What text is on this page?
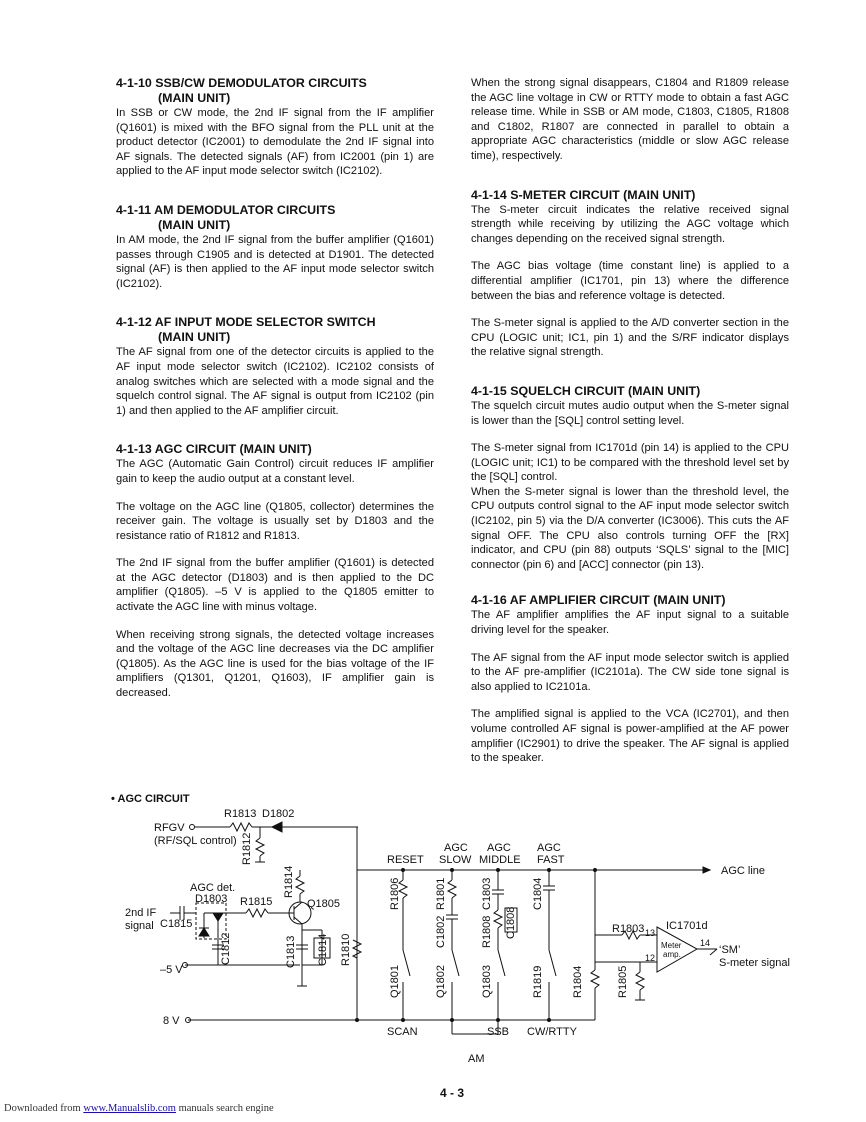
4-1-10 SSB/CW DEMODULATOR CIRCUITS
(MAIN UNIT)

In SSB or CW mode, the 2nd IF signal from the IF amplifier (Q1601) is mixed with the BFO signal from the PLL unit at the product detector (IC2001) to demodulate the 2nd IF signal into AF signals. The detected signals (AF) from IC2001 (pin 1) are applied to the AF input mode selector switch (IC2102).

4-1-11 AM DEMODULATOR CIRCUITS
(MAIN UNIT)

In AM mode, the 2nd IF signal from the buffer amplifier (Q1601) passes through C1905 and is detected at D1901. The detected signal (AF) is then applied to the AF input mode selector switch (IC2102).

4-1-12 AF INPUT MODE SELECTOR SWITCH
(MAIN UNIT)

The AF signal from one of the detector circuits is applied to the AF input mode selector switch (IC2102). IC2102 consists of analog switches which are selected with a mode signal and the squelch control signal. The AF signal is output from IC2102 (pin 1) and then applied to the AF amplifier circuit.

4-1-13 AGC CIRCUIT (MAIN UNIT)

The AGC (Automatic Gain Control) circuit reduces IF amplifier gain to keep the audio output at a constant level.

The voltage on the AGC line (Q1805, collector) determines the receiver gain. The voltage is usually set by D1803 and the resistance ratio of R1812 and R1813.

The 2nd IF signal from the buffer amplifier (Q1601) is detected at the AGC detector (D1803) and is then applied to the DC amplifier (Q1805). –5 V is applied to the Q1805 emitter to activate the AGC line with minus voltage.

When receiving strong signals, the detected voltage increases and the voltage of the AGC line decreases via the DC amplifier (Q1805). As the AGC line is used for the bias voltage of the IF amplifiers (Q1301, Q1201, Q1603), IF amplifier gain is decreased.

When the strong signal disappears, C1804 and R1809 release the AGC line voltage in CW or RTTY mode to obtain a fast AGC release time. While in SSB or AM mode, C1803, C1805, R1808 and C1802, R1807 are connected in parallel to obtain a appropriate AGC characteristics (middle or slow AGC release time), respectively.

4-1-14 S-METER CIRCUIT (MAIN UNIT)

The S-meter circuit indicates the relative received signal strength while receiving by utilizing the AGC voltage which changes depending on the received signal strength.

The AGC bias voltage (time constant line) is applied to a differential amplifier (IC1701, pin 13) where the difference between the bias and reference voltage is detected.

The S-meter signal is applied to the A/D converter section in the CPU (LOGIC unit; IC1, pin 1) and the S/RF indicator displays the relative signal strength.

4-1-15 SQUELCH CIRCUIT (MAIN UNIT)

The squelch circuit mutes audio output when the S-meter signal is lower than the [SQL] control setting level.

The S-meter signal from IC1701d (pin 14) is applied to the CPU (LOGIC unit; IC1) to be compared with the threshold level set by the [SQL] control.
When the S-meter signal is lower than the threshold level, the CPU outputs control signal to the AF input mode selector switch (IC2102, pin 5) via the D/A converter (IC3006). This cuts the AF signal OFF. The CPU also controls turning OFF the [RX] indicator, and CPU (pin 88) outputs ‘SQLS’ signal to the [MIC] connector (pin 6) and [ACC] connector (pin 13).

4-1-16 AF AMPLIFIER CIRCUIT (MAIN UNIT)

The AF amplifier amplifies the AF input signal to a suitable driving level for the speaker.

The AF signal from the AF input mode selector switch is applied to the AF pre-amplifier (IC2101a). The CW side tone signal is also applied to IC2101a.

The amplified signal is applied to the VCA (IC2701), and then volume controlled AF signal is power-amplified at the AF power amplifier (IC2901) to drive the speaker. The AF signal is applied to the speaker.

• AGC CIRCUIT
RFGV
(RF/SQL control)
R1813 D1802
R1812
AGC det.
D1803 R1815
R1814
Q1805
2nd IF
signal C1815
C1812	C1813 C1814 R1810
–5 V
8 V
RESET
AGC
SLOW
AGC
MIDDLE
AGC
FAST
AGC line
R1806	R1801
C1802
C1803
R1808 C1808
C1804
Q1801	Q1802	Q1803	R1819	R1804	R1805
R1803 IC1701d
13
12
14
Meter
amp.	‘SM’
S-meter signal
SCAN	SSB CW/RTTY
AM
4 - 3
Downloaded from www.Manualslib.com manuals search engine
